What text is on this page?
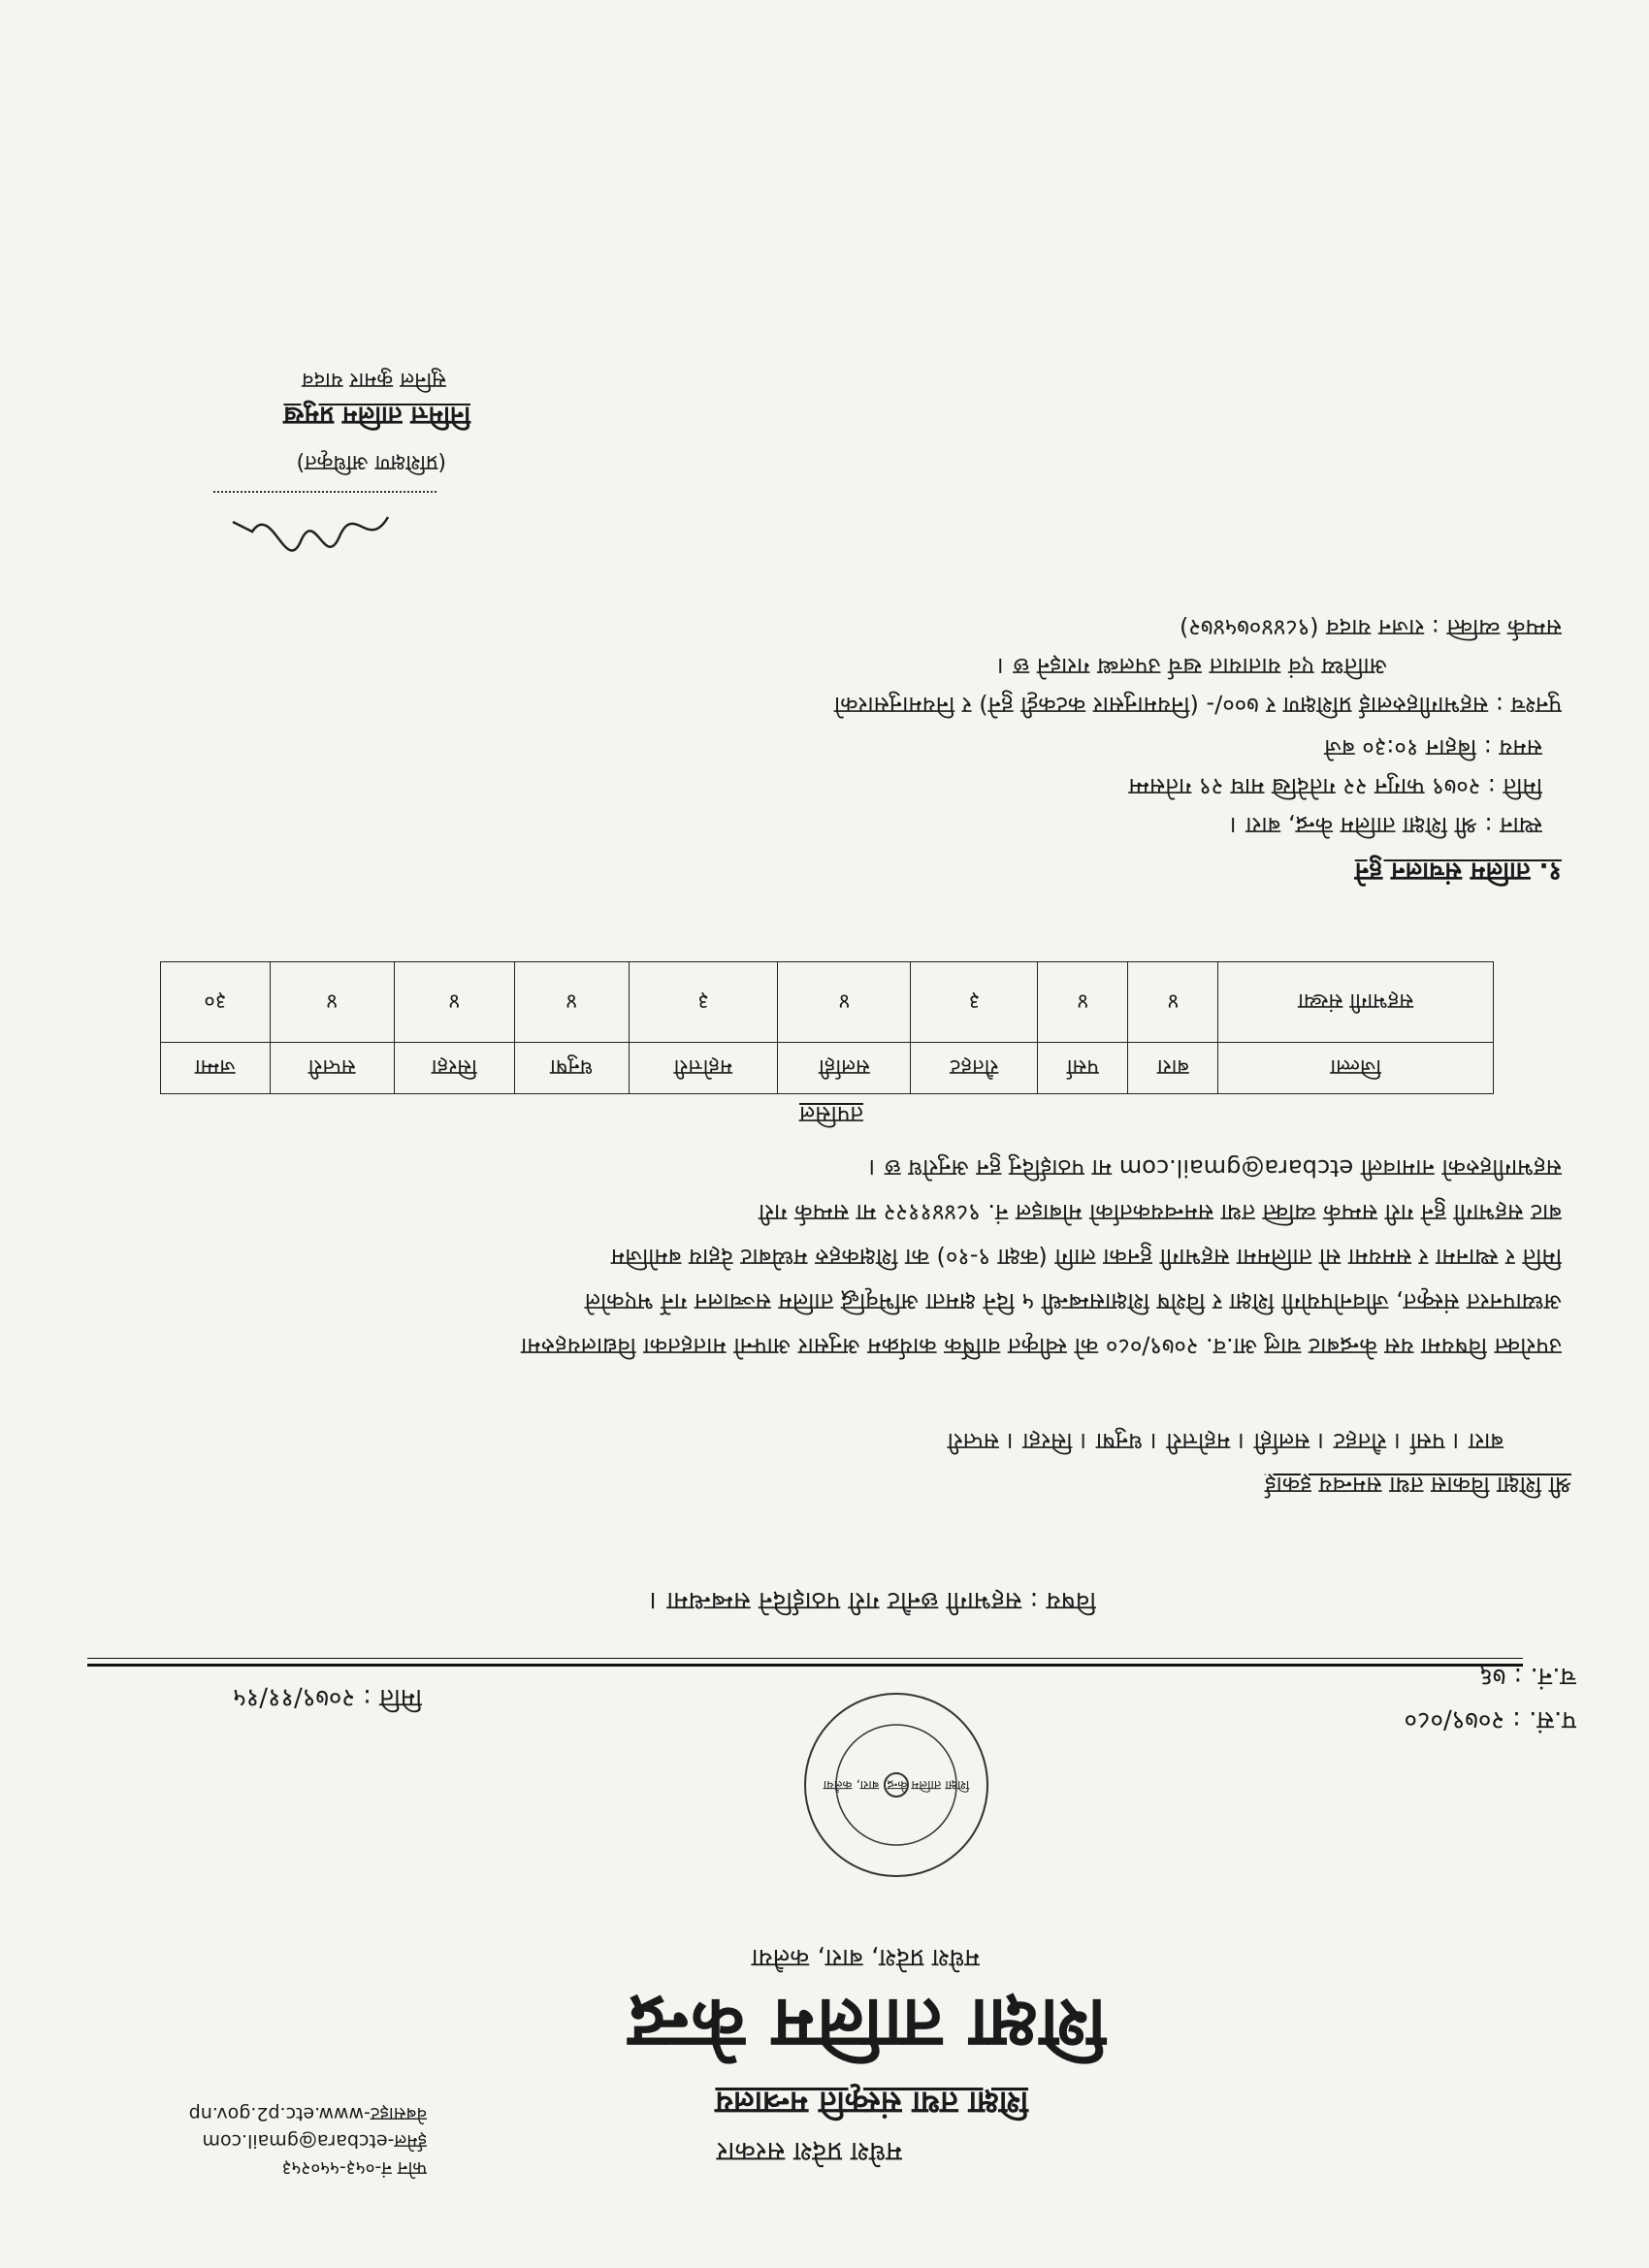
मधेश प्रदेश सरकार
शिक्षा तथा संस्कृति मन्त्रालय
शिक्षा तालिम केन्द्र
मधेश प्रदेश, बारा, कलैया
फोन नं-०५३-५५०२५३
ईमेल-etcbara@gmail.com
वेबसाइट-www.etc.p2.gov.np
शिक्षा तालिम केन्द्र, बारा, कलैया
प.सं. : २०७९/०८०
च.नं. : ७६
मिति : २०७९/११/१५
विषय : सहभागी छनौट गरी पठाईदिने सम्बन्धमा ।
श्री शिक्षा विकास तथा समन्वय इकाई
बारा । पर्सा । रौतहट । सर्लाही । महोत्तरी । धनुषा । सिरहा । सप्तरी
उपरोक्त विषयमा यस केन्द्रबाट चालु आ.व. २०७९/०८० को स्वीकृत वार्षिक कार्यक्रम अनुसार आफ्नो मातहतका विद्यालयहरुमा
अध्यापनरत संस्कृत, जीवनोपयोगी शिक्षा र विशेष शिक्षासम्बन्धी ५ दिने क्षमता अभिवृद्धि तालिम सञ्चालन गर्ने भएकोले
मिति र स्थानमा र समयमा सो तालिममा सहभागी हुनका लागि (कक्षा ९-१०) का शिक्षकहरु मध्येबाट देहाय बमोजिम
बाट सहभागी हुने गरी सम्पर्क व्यक्ति तथा समन्वयकर्ताको मोबाइल नं. ९८४४११२२ मा सम्पर्क गरी
सहभागीहरुको नामावली etcbara@gmail.com मा पठाईदिनु हुन अनुरोध छ ।
तपसिल
जिल्ला	बारा	पर्सा	रौतहट	सर्लाही	महोत्तरी	धनुषा	सिरहा	सप्तरी	जम्मा
सहभागी संख्या	४	४	३	४	३	४	४	४	३०
१. तालिम संचालन हुने
स्थान : श्री शिक्षा तालिम केन्द्र, बारा ।
मिति : २०७९ फागुन २२ गतेदेखि माघ २९ गतेसम्म
समय : बिहान १०:३० बजे
पुनश्च : सहभागीहरुलाई प्रशिक्षण र ७००/- (नियमानुसार कटकट्टी हुने) र नियमानुसारको
आतिथ्य एवं यातायात खर्च उपलब्ध गराइने छ ।
सम्पर्क व्यक्ति : राजन यादव (९८४४०७५४७२)
(प्रशिक्षण अधिकृत)
निमित्त तालिम प्रमुख
सुनिल कुमार यादव
